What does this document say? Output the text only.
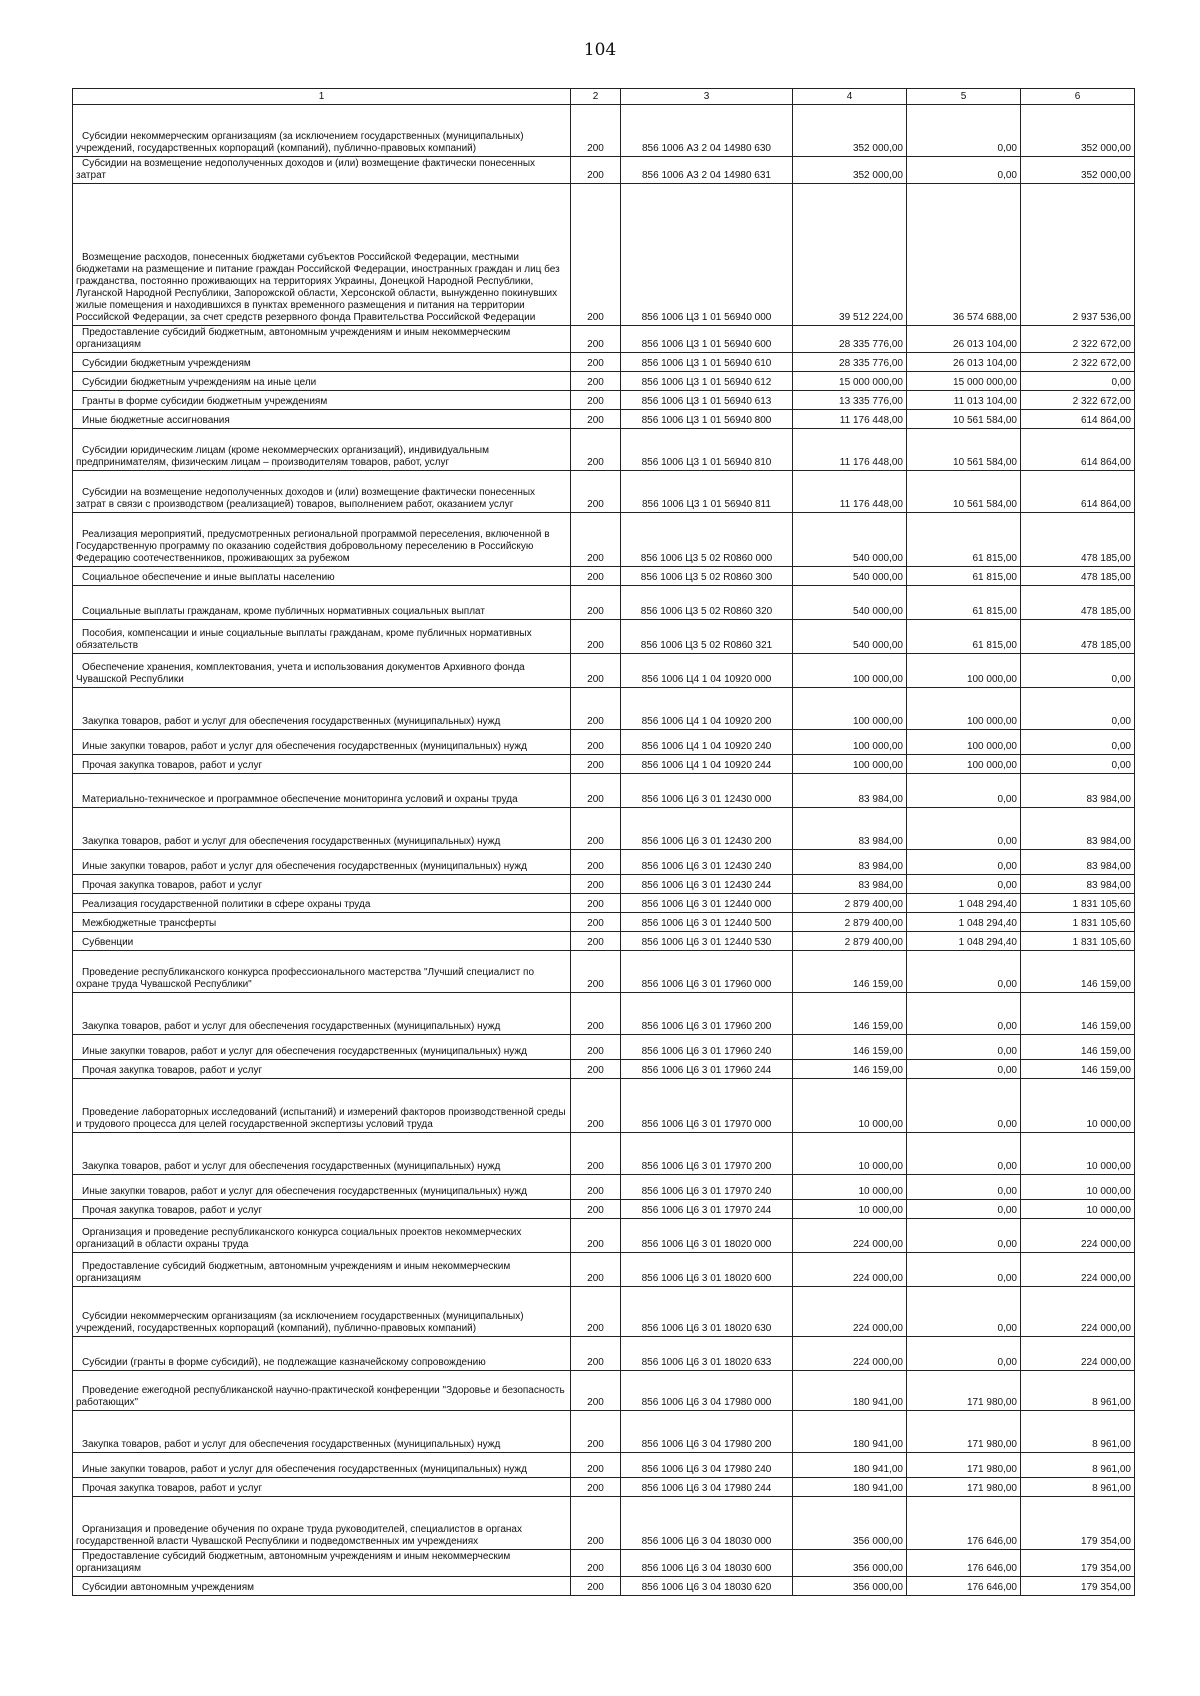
104
1	2	3	4	5	6

Субсидии некоммерческим организациям (за исключением государственных (муниципальных) учреждений, государственных корпораций (компаний), публично-правовых компаний)	200	856 1006 А3 2 04 14980 630	352 000,00	0,00	352 000,00

Субсидии на возмещение недополученных доходов и (или) возмещение фактически понесенных затрат	200	856 1006 А3 2 04 14980 631	352 000,00	0,00	352 000,00

Возмещение расходов, понесенных бюджетами субъектов Российской Федерации, местными бюджетами на размещение и питание граждан Российской Федерации, иностранных граждан и лиц без гражданства, постоянно проживающих на территориях Украины, Донецкой Народной Республики, Луганской Народной Республики, Запорожской области, Херсонской области, вынужденно покинувших жилые помещения и находившихся в пунктах временного размещения и питания на территории Российской Федерации, за счет средств резервного фонда Правительства Российской Федерации	200	856 1006 Ц3 1 01 56940 000	39 512 224,00	36 574 688,00	2 937 536,00

Предоставление субсидий бюджетным, автономным учреждениям и иным некоммерческим организациям	200	856 1006 Ц3 1 01 56940 600	28 335 776,00	26 013 104,00	2 322 672,00

Субсидии бюджетным учреждениям	200	856 1006 Ц3 1 01 56940 610	28 335 776,00	26 013 104,00	2 322 672,00

Субсидии бюджетным учреждениям на иные цели	200	856 1006 Ц3 1 01 56940 612	15 000 000,00	15 000 000,00	0,00

Гранты в форме субсидии бюджетным учреждениям	200	856 1006 Ц3 1 01 56940 613	13 335 776,00	11 013 104,00	2 322 672,00

Иные бюджетные ассигнования	200	856 1006 Ц3 1 01 56940 800	11 176 448,00	10 561 584,00	614 864,00

Субсидии юридическим лицам (кроме некоммерческих организаций), индивидуальным предпринимателям, физическим лицам – производителям товаров, работ, услуг	200	856 1006 Ц3 1 01 56940 810	11 176 448,00	10 561 584,00	614 864,00

Субсидии на возмещение недополученных доходов и (или) возмещение фактически понесенных затрат в связи с производством (реализацией) товаров, выполнением работ, оказанием услуг	200	856 1006 Ц3 1 01 56940 811	11 176 448,00	10 561 584,00	614 864,00

Реализация мероприятий, предусмотренных региональной программой переселения, включенной в Государственную программу по оказанию содействия добровольному переселению в Российскую Федерацию соотечественников, проживающих за рубежом	200	856 1006 Ц3 5 02 R0860 000	540 000,00	61 815,00	478 185,00

Социальное обеспечение и иные выплаты населению	200	856 1006 Ц3 5 02 R0860 300	540 000,00	61 815,00	478 185,00

Социальные выплаты гражданам, кроме публичных нормативных социальных выплат	200	856 1006 Ц3 5 02 R0860 320	540 000,00	61 815,00	478 185,00

Пособия, компенсации и иные социальные выплаты гражданам, кроме публичных нормативных обязательств	200	856 1006 Ц3 5 02 R0860 321	540 000,00	61 815,00	478 185,00

Обеспечение хранения, комплектования, учета и использования документов Архивного фонда Чувашской Республики	200	856 1006 Ц4 1 04 10920 000	100 000,00	100 000,00	0,00

Закупка товаров, работ и услуг для обеспечения государственных (муниципальных) нужд	200	856 1006 Ц4 1 04 10920 200	100 000,00	100 000,00	0,00

Иные закупки товаров, работ и услуг для обеспечения государственных (муниципальных) нужд	200	856 1006 Ц4 1 04 10920 240	100 000,00	100 000,00	0,00

Прочая закупка товаров, работ и услуг	200	856 1006 Ц4 1 04 10920 244	100 000,00	100 000,00	0,00

Материально-техническое и программное обеспечение мониторинга условий и охраны труда	200	856 1006 Ц6 3 01 12430 000	83 984,00	0,00	83 984,00

Закупка товаров, работ и услуг для обеспечения государственных (муниципальных) нужд	200	856 1006 Ц6 3 01 12430 200	83 984,00	0,00	83 984,00

Иные закупки товаров, работ и услуг для обеспечения государственных (муниципальных) нужд	200	856 1006 Ц6 3 01 12430 240	83 984,00	0,00	83 984,00

Прочая закупка товаров, работ и услуг	200	856 1006 Ц6 3 01 12430 244	83 984,00	0,00	83 984,00

Реализация государственной политики в сфере охраны труда	200	856 1006 Ц6 3 01 12440 000	2 879 400,00	1 048 294,40	1 831 105,60

Межбюджетные трансферты	200	856 1006 Ц6 3 01 12440 500	2 879 400,00	1 048 294,40	1 831 105,60

Субвенции	200	856 1006 Ц6 3 01 12440 530	2 879 400,00	1 048 294,40	1 831 105,60

Проведение республиканского конкурса профессионального мастерства "Лучший специалист по охране труда Чувашской Республики"	200	856 1006 Ц6 3 01 17960 000	146 159,00	0,00	146 159,00

Закупка товаров, работ и услуг для обеспечения государственных (муниципальных) нужд	200	856 1006 Ц6 3 01 17960 200	146 159,00	0,00	146 159,00

Иные закупки товаров, работ и услуг для обеспечения государственных (муниципальных) нужд	200	856 1006 Ц6 3 01 17960 240	146 159,00	0,00	146 159,00

Прочая закупка товаров, работ и услуг	200	856 1006 Ц6 3 01 17960 244	146 159,00	0,00	146 159,00

Проведение лабораторных исследований (испытаний) и измерений факторов производственной среды и трудового процесса для целей государственной экспертизы условий труда	200	856 1006 Ц6 3 01 17970 000	10 000,00	0,00	10 000,00

Закупка товаров, работ и услуг для обеспечения государственных (муниципальных) нужд	200	856 1006 Ц6 3 01 17970 200	10 000,00	0,00	10 000,00

Иные закупки товаров, работ и услуг для обеспечения государственных (муниципальных) нужд	200	856 1006 Ц6 3 01 17970 240	10 000,00	0,00	10 000,00

Прочая закупка товаров, работ и услуг	200	856 1006 Ц6 3 01 17970 244	10 000,00	0,00	10 000,00

Организация и проведение республиканского конкурса социальных проектов некоммерческих организаций в области охраны труда	200	856 1006 Ц6 3 01 18020 000	224 000,00	0,00	224 000,00

Предоставление субсидий бюджетным, автономным учреждениям и иным некоммерческим организациям	200	856 1006 Ц6 3 01 18020 600	224 000,00	0,00	224 000,00

Субсидии некоммерческим организациям (за исключением государственных (муниципальных) учреждений, государственных корпораций (компаний), публично-правовых компаний)	200	856 1006 Ц6 3 01 18020 630	224 000,00	0,00	224 000,00

Субсидии (гранты в форме субсидий), не подлежащие казначейскому сопровождению	200	856 1006 Ц6 3 01 18020 633	224 000,00	0,00	224 000,00

Проведение ежегодной республиканской научно-практической конференции "Здоровье и безопасность работающих"	200	856 1006 Ц6 3 04 17980 000	180 941,00	171 980,00	8 961,00

Закупка товаров, работ и услуг для обеспечения государственных (муниципальных) нужд	200	856 1006 Ц6 3 04 17980 200	180 941,00	171 980,00	8 961,00

Иные закупки товаров, работ и услуг для обеспечения государственных (муниципальных) нужд	200	856 1006 Ц6 3 04 17980 240	180 941,00	171 980,00	8 961,00

Прочая закупка товаров, работ и услуг	200	856 1006 Ц6 3 04 17980 244	180 941,00	171 980,00	8 961,00

Организация и проведение обучения по охране труда руководителей, специалистов в органах государственной власти Чувашской Республики и подведомственных им учреждениях	200	856 1006 Ц6 3 04 18030 000	356 000,00	176 646,00	179 354,00

Предоставление субсидий бюджетным, автономным учреждениям и иным некоммерческим организациям	200	856 1006 Ц6 3 04 18030 600	356 000,00	176 646,00	179 354,00

Субсидии автономным учреждениям	200	856 1006 Ц6 3 04 18030 620	356 000,00	176 646,00	179 354,00
